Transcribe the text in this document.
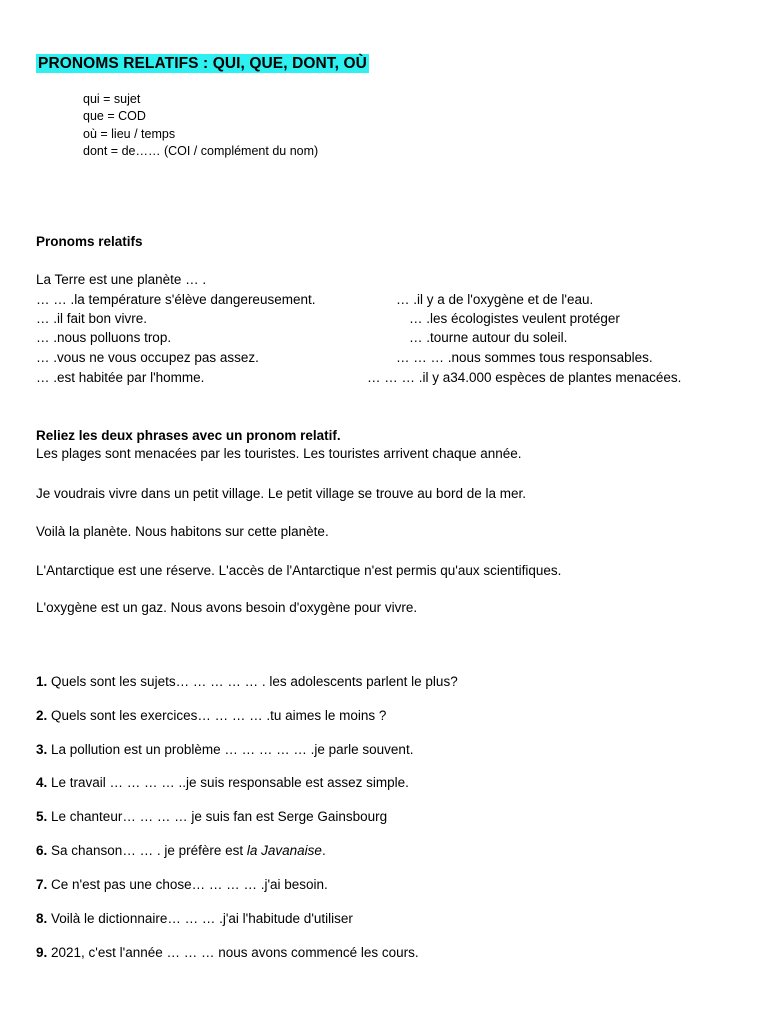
PRONOMS RELATIFS : QUI, QUE, DONT, OÙ
qui = sujet
que = COD
où = lieu / temps
dont = de…… (COI / complément du nom)
Pronoms relatifs
La Terre est une planète … .
… … .la température s'élève dangereusement.
… .il fait bon vivre.
… .nous polluons trop.
… .vous ne vous occupez pas assez.
… .est habitée par l'homme.
… .il y a de l'oxygène et de l'eau.
… .les écologistes veulent protéger
… .tourne autour du soleil.
… … … .nous sommes tous responsables.
… … … .il y a34.000 espèces de plantes menacées.
Reliez les deux phrases avec un pronom relatif.
Les plages sont menacées par les touristes. Les touristes arrivent chaque année.
Je voudrais vivre dans un petit village. Le petit village se trouve au bord de la mer.
Voilà la planète. Nous habitons sur cette planète.
L'Antarctique est une réserve. L'accès de l'Antarctique n'est permis qu'aux scientifiques.
L'oxygène est un gaz. Nous avons besoin d'oxygène pour vivre.
1. Quels sont les sujets… … … … … . les adolescents parlent le plus?
2. Quels sont les exercices… … … … .tu aimes le moins ?
3. La pollution est un problème … … … … … .je parle souvent.
4. Le travail … … … … ..je suis responsable est assez simple.
5. Le chanteur… … … … je suis fan est Serge Gainsbourg
6. Sa chanson… … . je préfère est la Javanaise.
7. Ce n'est pas une chose… … … … .j'ai besoin.
8. Voilà le dictionnaire… … … .j'ai l'habitude d'utiliser
9. 2021, c'est l'année … … … nous avons commencé les cours.
